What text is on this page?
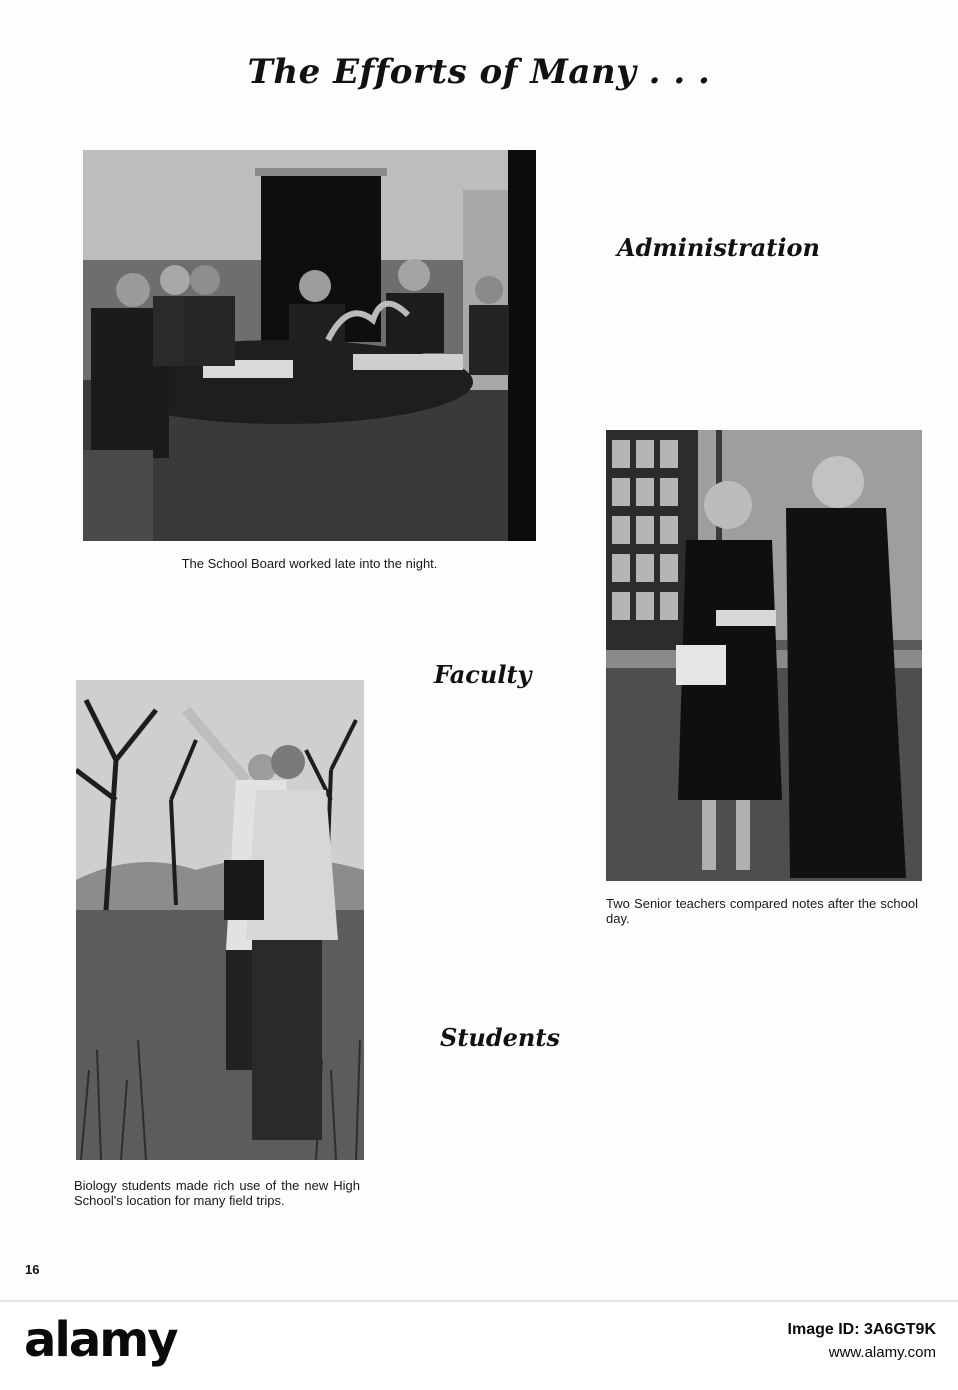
The Efforts of Many . . .
Administration
Faculty
Students
The School Board worked late into the night.
Two Senior teachers compared notes after the school day.
Biology students made rich use of the new High School's location for many field trips.
16
alamy	Image ID: 3A6GT9K
www.alamy.com
